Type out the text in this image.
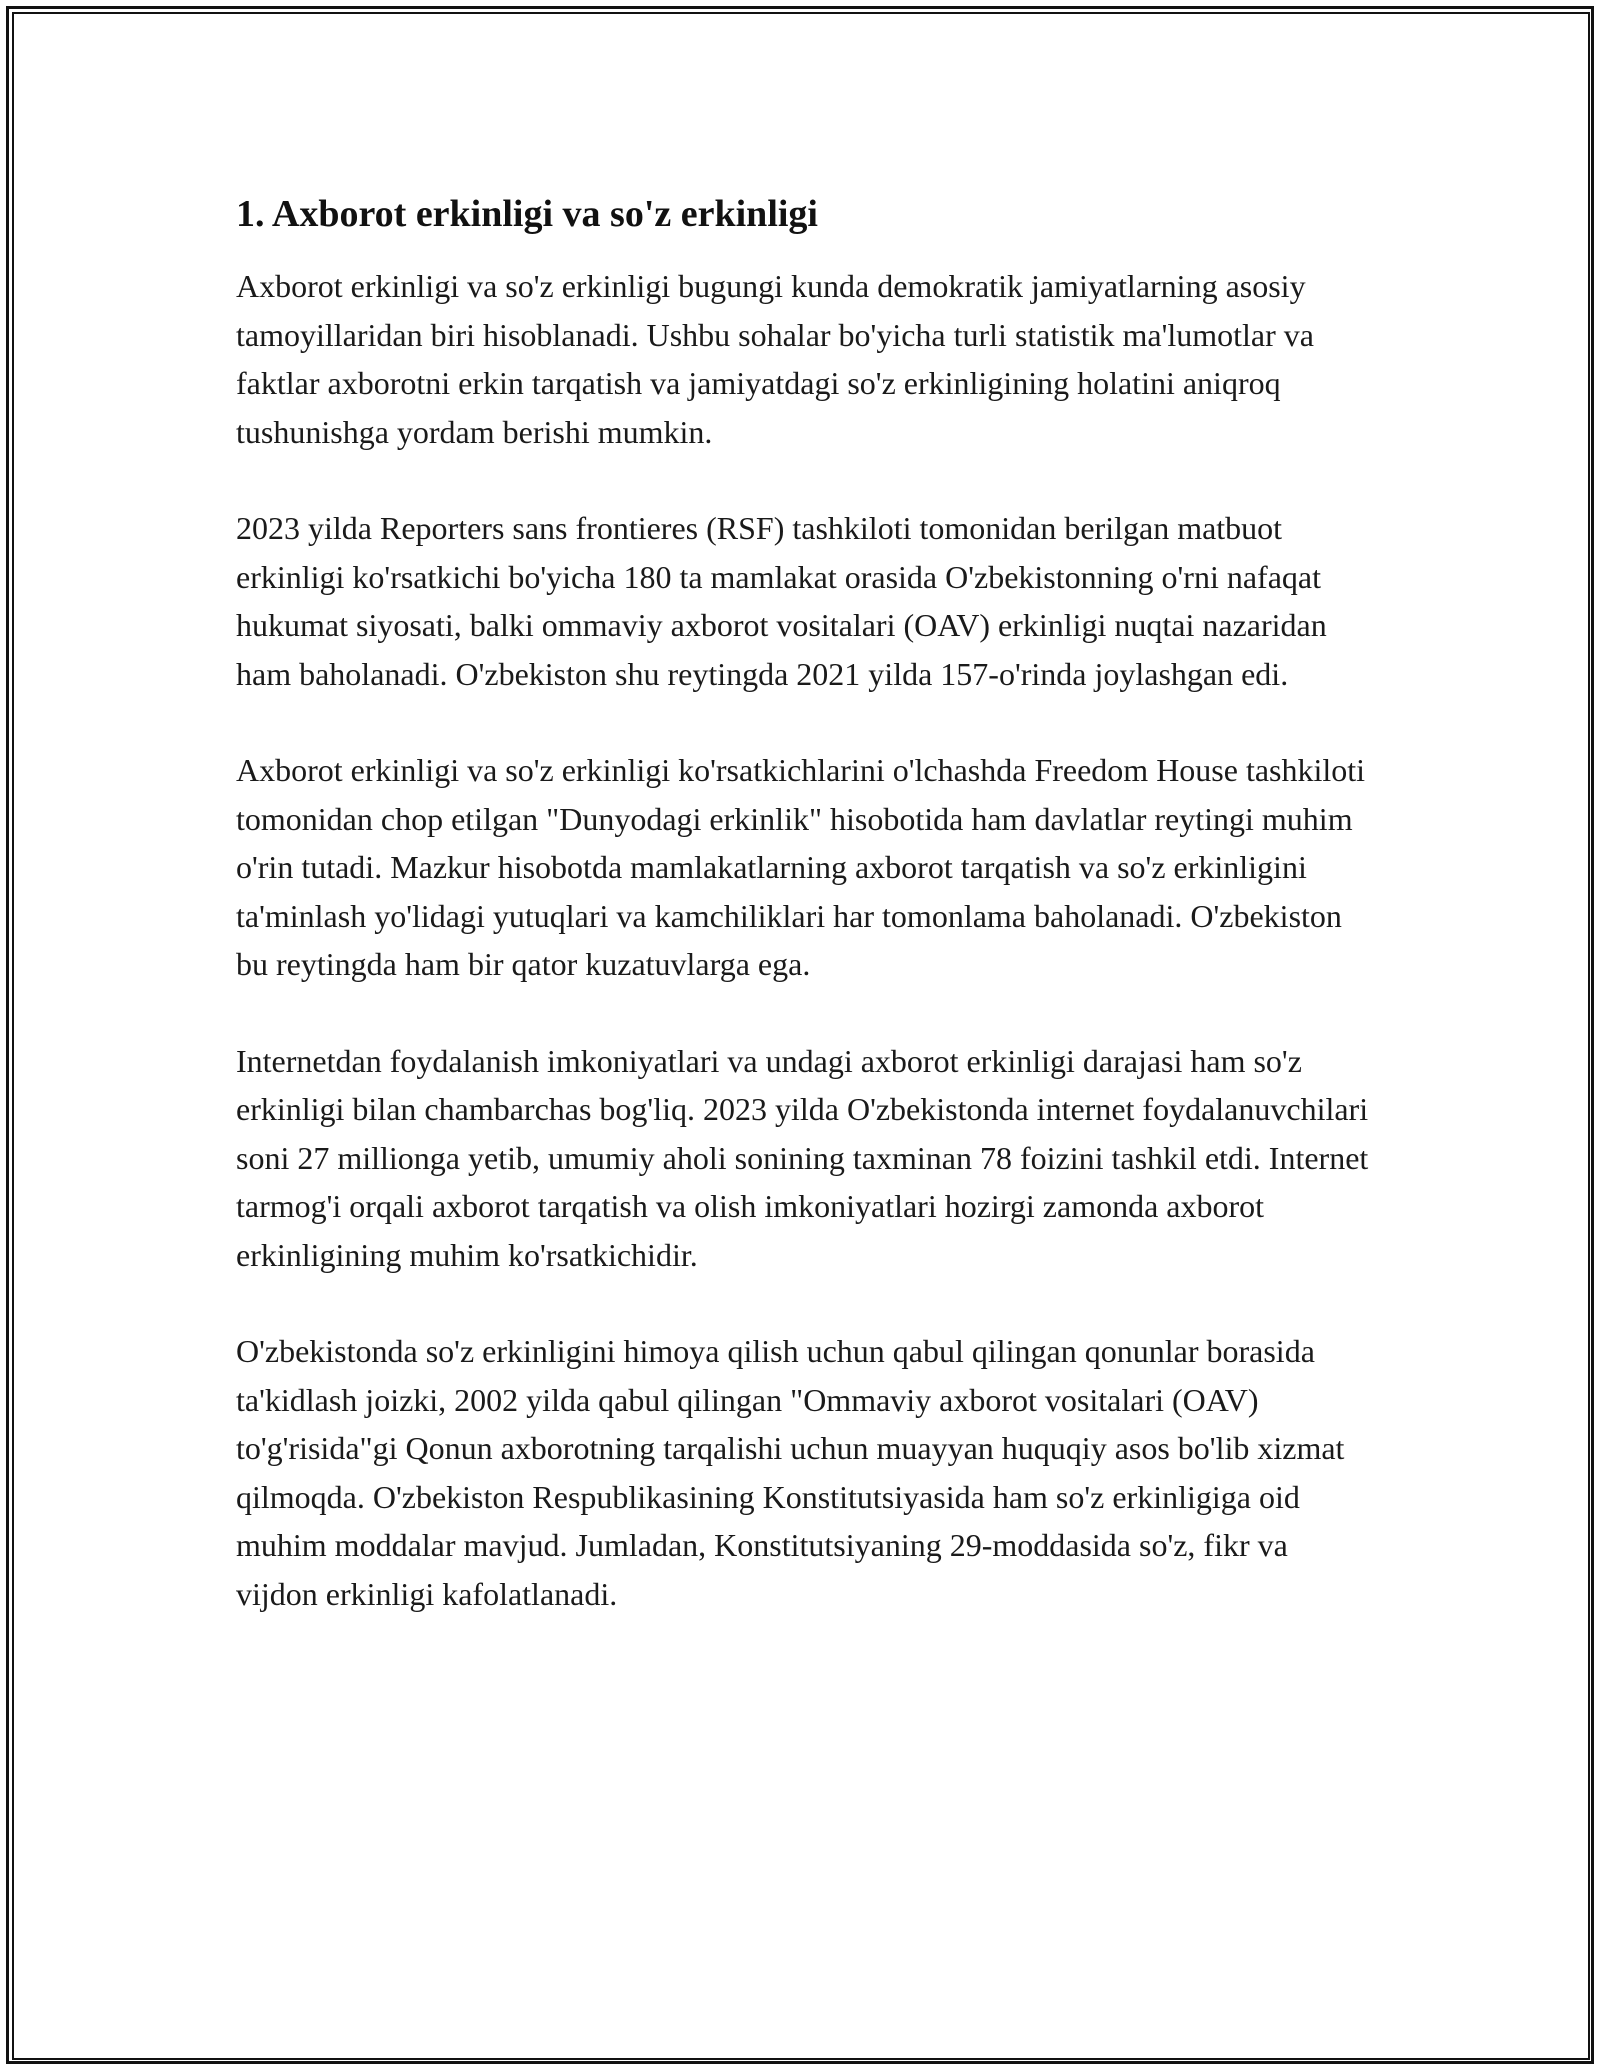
1. Axborot erkinligi va so'z erkinligi

Axborot erkinligi va so'z erkinligi bugungi kunda demokratik jamiyatlarning asosiy tamoyillaridan biri hisoblanadi. Ushbu sohalar bo'yicha turli statistik ma'lumotlar va faktlar axborotni erkin tarqatish va jamiyatdagi so'z erkinligining holatini aniqroq tushunishga yordam berishi mumkin.

2023 yilda Reporters sans frontieres (RSF) tashkiloti tomonidan berilgan matbuot erkinligi ko'rsatkichi bo'yicha 180 ta mamlakat orasida O'zbekistonning o'rni nafaqat hukumat siyosati, balki ommaviy axborot vositalari (OAV) erkinligi nuqtai nazaridan ham baholanadi. O'zbekiston shu reytingda 2021 yilda 157-o'rinda joylashgan edi.

Axborot erkinligi va so'z erkinligi ko'rsatkichlarini o'lchashda Freedom House tashkiloti tomonidan chop etilgan "Dunyodagi erkinlik" hisobotida ham davlatlar reytingi muhim o'rin tutadi. Mazkur hisobotda mamlakatlarning axborot tarqatish va so'z erkinligini ta'minlash yo'lidagi yutuqlari va kamchiliklari har tomonlama baholanadi. O'zbekiston bu reytingda ham bir qator kuzatuvlarga ega.

Internetdan foydalanish imkoniyatlari va undagi axborot erkinligi darajasi ham so'z erkinligi bilan chambarchas bog'liq. 2023 yilda O'zbekistonda internet foydalanuvchilari soni 27 millionga yetib, umumiy aholi sonining taxminan 78 foizini tashkil etdi. Internet tarmog'i orqali axborot tarqatish va olish imkoniyatlari hozirgi zamonda axborot erkinligining muhim ko'rsatkichidir.

O'zbekistonda so'z erkinligini himoya qilish uchun qabul qilingan qonunlar borasida ta'kidlash joizki, 2002 yilda qabul qilingan "Ommaviy axborot vositalari (OAV) to'g'risida"gi Qonun axborotning tarqalishi uchun muayyan huquqiy asos bo'lib xizmat qilmoqda. O'zbekiston Respublikasining Konstitutsiyasida ham so'z erkinligiga oid muhim moddalar mavjud. Jumladan, Konstitutsiyaning 29-moddasida so'z, fikr va vijdon erkinligi kafolatlanadi.
